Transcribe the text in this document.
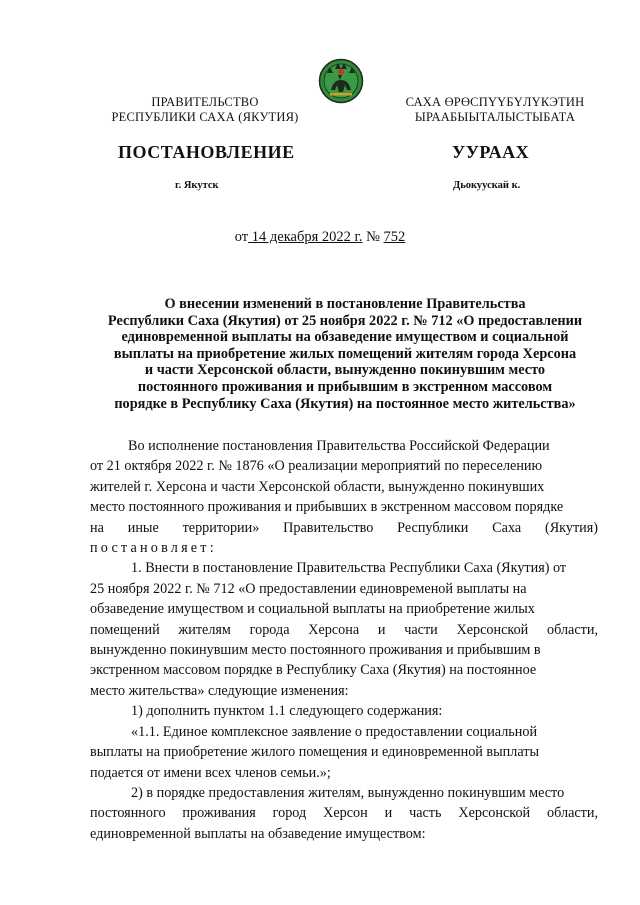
ПРАВИТЕЛЬСТВО
РЕСПУБЛИКИ САХА (ЯКУТИЯ)
САХА ӨРӨСПҮҮБҮЛҮКЭТИН
ЫРААБЫЫТАЛЫСТЫБАТА
ПОСТАНОВЛЕНИЕ	УУРААХ
г. Якутск	Дьокуускай к.
от 14 декабря 2022 г. № 752
О внесении изменений в постановление Правительства
Республики Саха (Якутия) от 25 ноября 2022 г. № 712 «О предоставлении
единовременной выплаты на обзаведение имуществом и социальной
выплаты на приобретение жилых помещений жителям города Херсона
и части Херсонской области, вынужденно покинувшим место
постоянного проживания и прибывшим в экстренном массовом
порядке в Республику Саха (Якутия) на постоянное место жительства»
Во исполнение постановления Правительства Российской Федерации
от 21 октября 2022 г. № 1876 «О реализации мероприятий по переселению
жителей г. Херсона и части Херсонской области, вынужденно покинувших
место постоянного проживания и прибывших в экстренном массовом порядке
на иные территории» Правительство Республики Саха (Якутия)
постановляет:
1. Внести в постановление Правительства Республики Саха (Якутия) от
25 ноября 2022 г. № 712 «О предоставлении единовременой выплаты на
обзаведение имуществом и социальной выплаты на приобретение жилых
помещений жителям города Херсона и части Херсонской области,
вынужденно покинувшим место постоянного проживания и прибывшим в
экстренном массовом порядке в Республику Саха (Якутия) на постоянное
место жительства» следующие изменения:
1) дополнить пунктом 1.1 следующего содержания:
«1.1. Единое комплексное заявление о предоставлении социальной
выплаты на приобретение жилого помещения и единовременной выплаты
подается от имени всех членов семьи.»;
2) в порядке предоставления жителям, вынужденно покинувшим место
постоянного проживания город Херсон и часть Херсонской области,
единовременной выплаты на обзаведение имуществом:
